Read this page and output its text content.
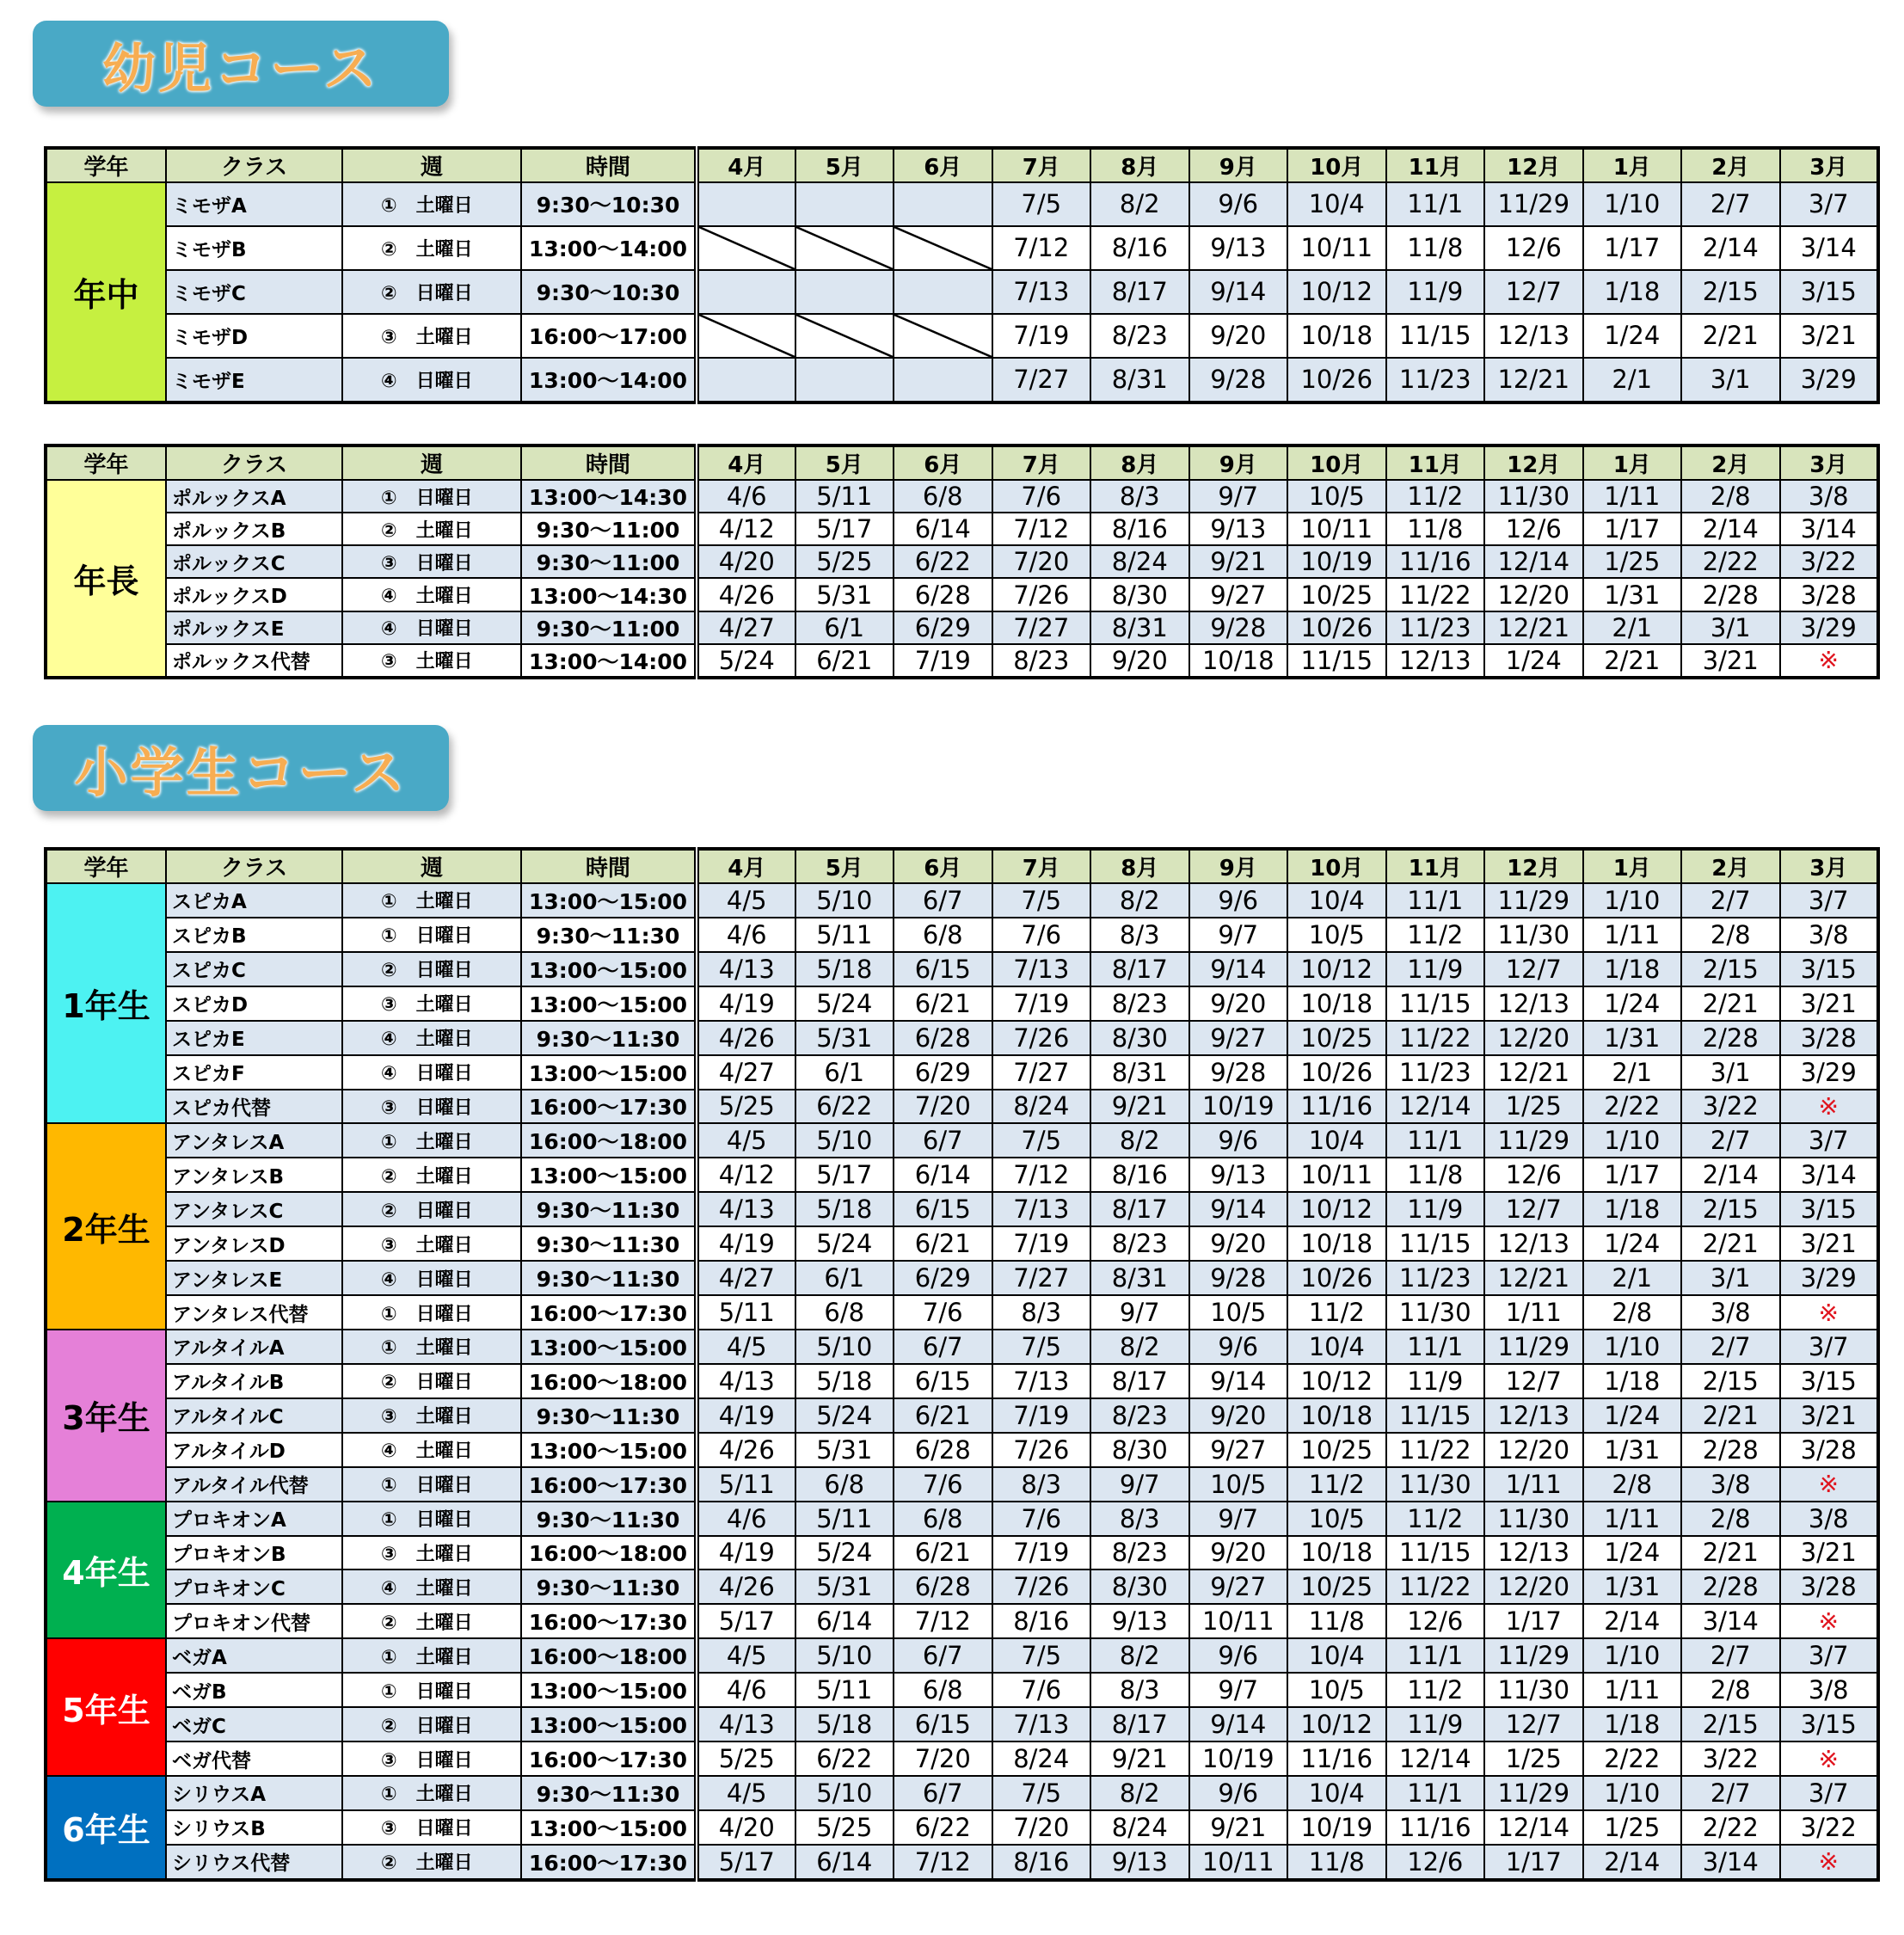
幼児コース
学年	クラス	週	時間	4月	5月	6月	7月	8月	9月	10月	11月	12月	1月	2月	3月
年中	ミモザA	①　土曜日	9:30～10:30				7/5	8/2	9/6	10/4	11/1	11/29	1/10	2/7	3/7
	ミモザB	②　土曜日	13:00～14:00				7/12	8/16	9/13	10/11	11/8	12/6	1/17	2/14	3/14
	ミモザC	②　日曜日	9:30～10:30				7/13	8/17	9/14	10/12	11/9	12/7	1/18	2/15	3/15
	ミモザD	③　土曜日	16:00～17:00				7/19	8/23	9/20	10/18	11/15	12/13	1/24	2/21	3/21
	ミモザE	④　日曜日	13:00～14:00				7/27	8/31	9/28	10/26	11/23	12/21	2/1	3/1	3/29
学年	クラス	週	時間	4月	5月	6月	7月	8月	9月	10月	11月	12月	1月	2月	3月
年長	ポルックスA	①　日曜日	13:00～14:30	4/6	5/11	6/8	7/6	8/3	9/7	10/5	11/2	11/30	1/11	2/8	3/8
	ポルックスB	②　土曜日	9:30～11:00	4/12	5/17	6/14	7/12	8/16	9/13	10/11	11/8	12/6	1/17	2/14	3/14
	ポルックスC	③　日曜日	9:30～11:00	4/20	5/25	6/22	7/20	8/24	9/21	10/19	11/16	12/14	1/25	2/22	3/22
	ポルックスD	④　土曜日	13:00～14:30	4/26	5/31	6/28	7/26	8/30	9/27	10/25	11/22	12/20	1/31	2/28	3/28
	ポルックスE	④　日曜日	9:30～11:00	4/27	6/1	6/29	7/27	8/31	9/28	10/26	11/23	12/21	2/1	3/1	3/29
	ポルックス代替	③　土曜日	13:00～14:00	5/24	6/21	7/19	8/23	9/20	10/18	11/15	12/13	1/24	2/21	3/21	※
小学生コース
学年	クラス	週	時間	4月	5月	6月	7月	8月	9月	10月	11月	12月	1月	2月	3月
1年生	スピカA	①　土曜日	13:00～15:00	4/5	5/10	6/7	7/5	8/2	9/6	10/4	11/1	11/29	1/10	2/7	3/7
	スピカB	①　日曜日	9:30～11:30	4/6	5/11	6/8	7/6	8/3	9/7	10/5	11/2	11/30	1/11	2/8	3/8
	スピカC	②　日曜日	13:00～15:00	4/13	5/18	6/15	7/13	8/17	9/14	10/12	11/9	12/7	1/18	2/15	3/15
	スピカD	③　土曜日	13:00～15:00	4/19	5/24	6/21	7/19	8/23	9/20	10/18	11/15	12/13	1/24	2/21	3/21
	スピカE	④　土曜日	9:30～11:30	4/26	5/31	6/28	7/26	8/30	9/27	10/25	11/22	12/20	1/31	2/28	3/28
	スピカF	④　日曜日	13:00～15:00	4/27	6/1	6/29	7/27	8/31	9/28	10/26	11/23	12/21	2/1	3/1	3/29
	スピカ代替	③　日曜日	16:00～17:30	5/25	6/22	7/20	8/24	9/21	10/19	11/16	12/14	1/25	2/22	3/22	※
2年生	アンタレスA	①　土曜日	16:00～18:00	4/5	5/10	6/7	7/5	8/2	9/6	10/4	11/1	11/29	1/10	2/7	3/7
	アンタレスB	②　土曜日	13:00～15:00	4/12	5/17	6/14	7/12	8/16	9/13	10/11	11/8	12/6	1/17	2/14	3/14
	アンタレスC	②　日曜日	9:30～11:30	4/13	5/18	6/15	7/13	8/17	9/14	10/12	11/9	12/7	1/18	2/15	3/15
	アンタレスD	③　土曜日	9:30～11:30	4/19	5/24	6/21	7/19	8/23	9/20	10/18	11/15	12/13	1/24	2/21	3/21
	アンタレスE	④　日曜日	9:30～11:30	4/27	6/1	6/29	7/27	8/31	9/28	10/26	11/23	12/21	2/1	3/1	3/29
	アンタレス代替	①　日曜日	16:00～17:30	5/11	6/8	7/6	8/3	9/7	10/5	11/2	11/30	1/11	2/8	3/8	※
3年生	アルタイルA	①　土曜日	13:00～15:00	4/5	5/10	6/7	7/5	8/2	9/6	10/4	11/1	11/29	1/10	2/7	3/7
	アルタイルB	②　日曜日	16:00～18:00	4/13	5/18	6/15	7/13	8/17	9/14	10/12	11/9	12/7	1/18	2/15	3/15
	アルタイルC	③　土曜日	9:30～11:30	4/19	5/24	6/21	7/19	8/23	9/20	10/18	11/15	12/13	1/24	2/21	3/21
	アルタイルD	④　土曜日	13:00～15:00	4/26	5/31	6/28	7/26	8/30	9/27	10/25	11/22	12/20	1/31	2/28	3/28
	アルタイル代替	①　日曜日	16:00～17:30	5/11	6/8	7/6	8/3	9/7	10/5	11/2	11/30	1/11	2/8	3/8	※
4年生	プロキオンA	①　日曜日	9:30～11:30	4/6	5/11	6/8	7/6	8/3	9/7	10/5	11/2	11/30	1/11	2/8	3/8
	プロキオンB	③　土曜日	16:00～18:00	4/19	5/24	6/21	7/19	8/23	9/20	10/18	11/15	12/13	1/24	2/21	3/21
	プロキオンC	④　土曜日	9:30～11:30	4/26	5/31	6/28	7/26	8/30	9/27	10/25	11/22	12/20	1/31	2/28	3/28
	プロキオン代替	②　土曜日	16:00～17:30	5/17	6/14	7/12	8/16	9/13	10/11	11/8	12/6	1/17	2/14	3/14	※
5年生	ベガA	①　土曜日	16:00～18:00	4/5	5/10	6/7	7/5	8/2	9/6	10/4	11/1	11/29	1/10	2/7	3/7
	ベガB	①　日曜日	13:00～15:00	4/6	5/11	6/8	7/6	8/3	9/7	10/5	11/2	11/30	1/11	2/8	3/8
	ベガC	②　日曜日	13:00～15:00	4/13	5/18	6/15	7/13	8/17	9/14	10/12	11/9	12/7	1/18	2/15	3/15
	ベガ代替	③　日曜日	16:00～17:30	5/25	6/22	7/20	8/24	9/21	10/19	11/16	12/14	1/25	2/22	3/22	※
6年生	シリウスA	①　土曜日	9:30～11:30	4/5	5/10	6/7	7/5	8/2	9/6	10/4	11/1	11/29	1/10	2/7	3/7
	シリウスB	③　日曜日	13:00～15:00	4/20	5/25	6/22	7/20	8/24	9/21	10/19	11/16	12/14	1/25	2/22	3/22
	シリウス代替	②　土曜日	16:00～17:30	5/17	6/14	7/12	8/16	9/13	10/11	11/8	12/6	1/17	2/14	3/14	※
